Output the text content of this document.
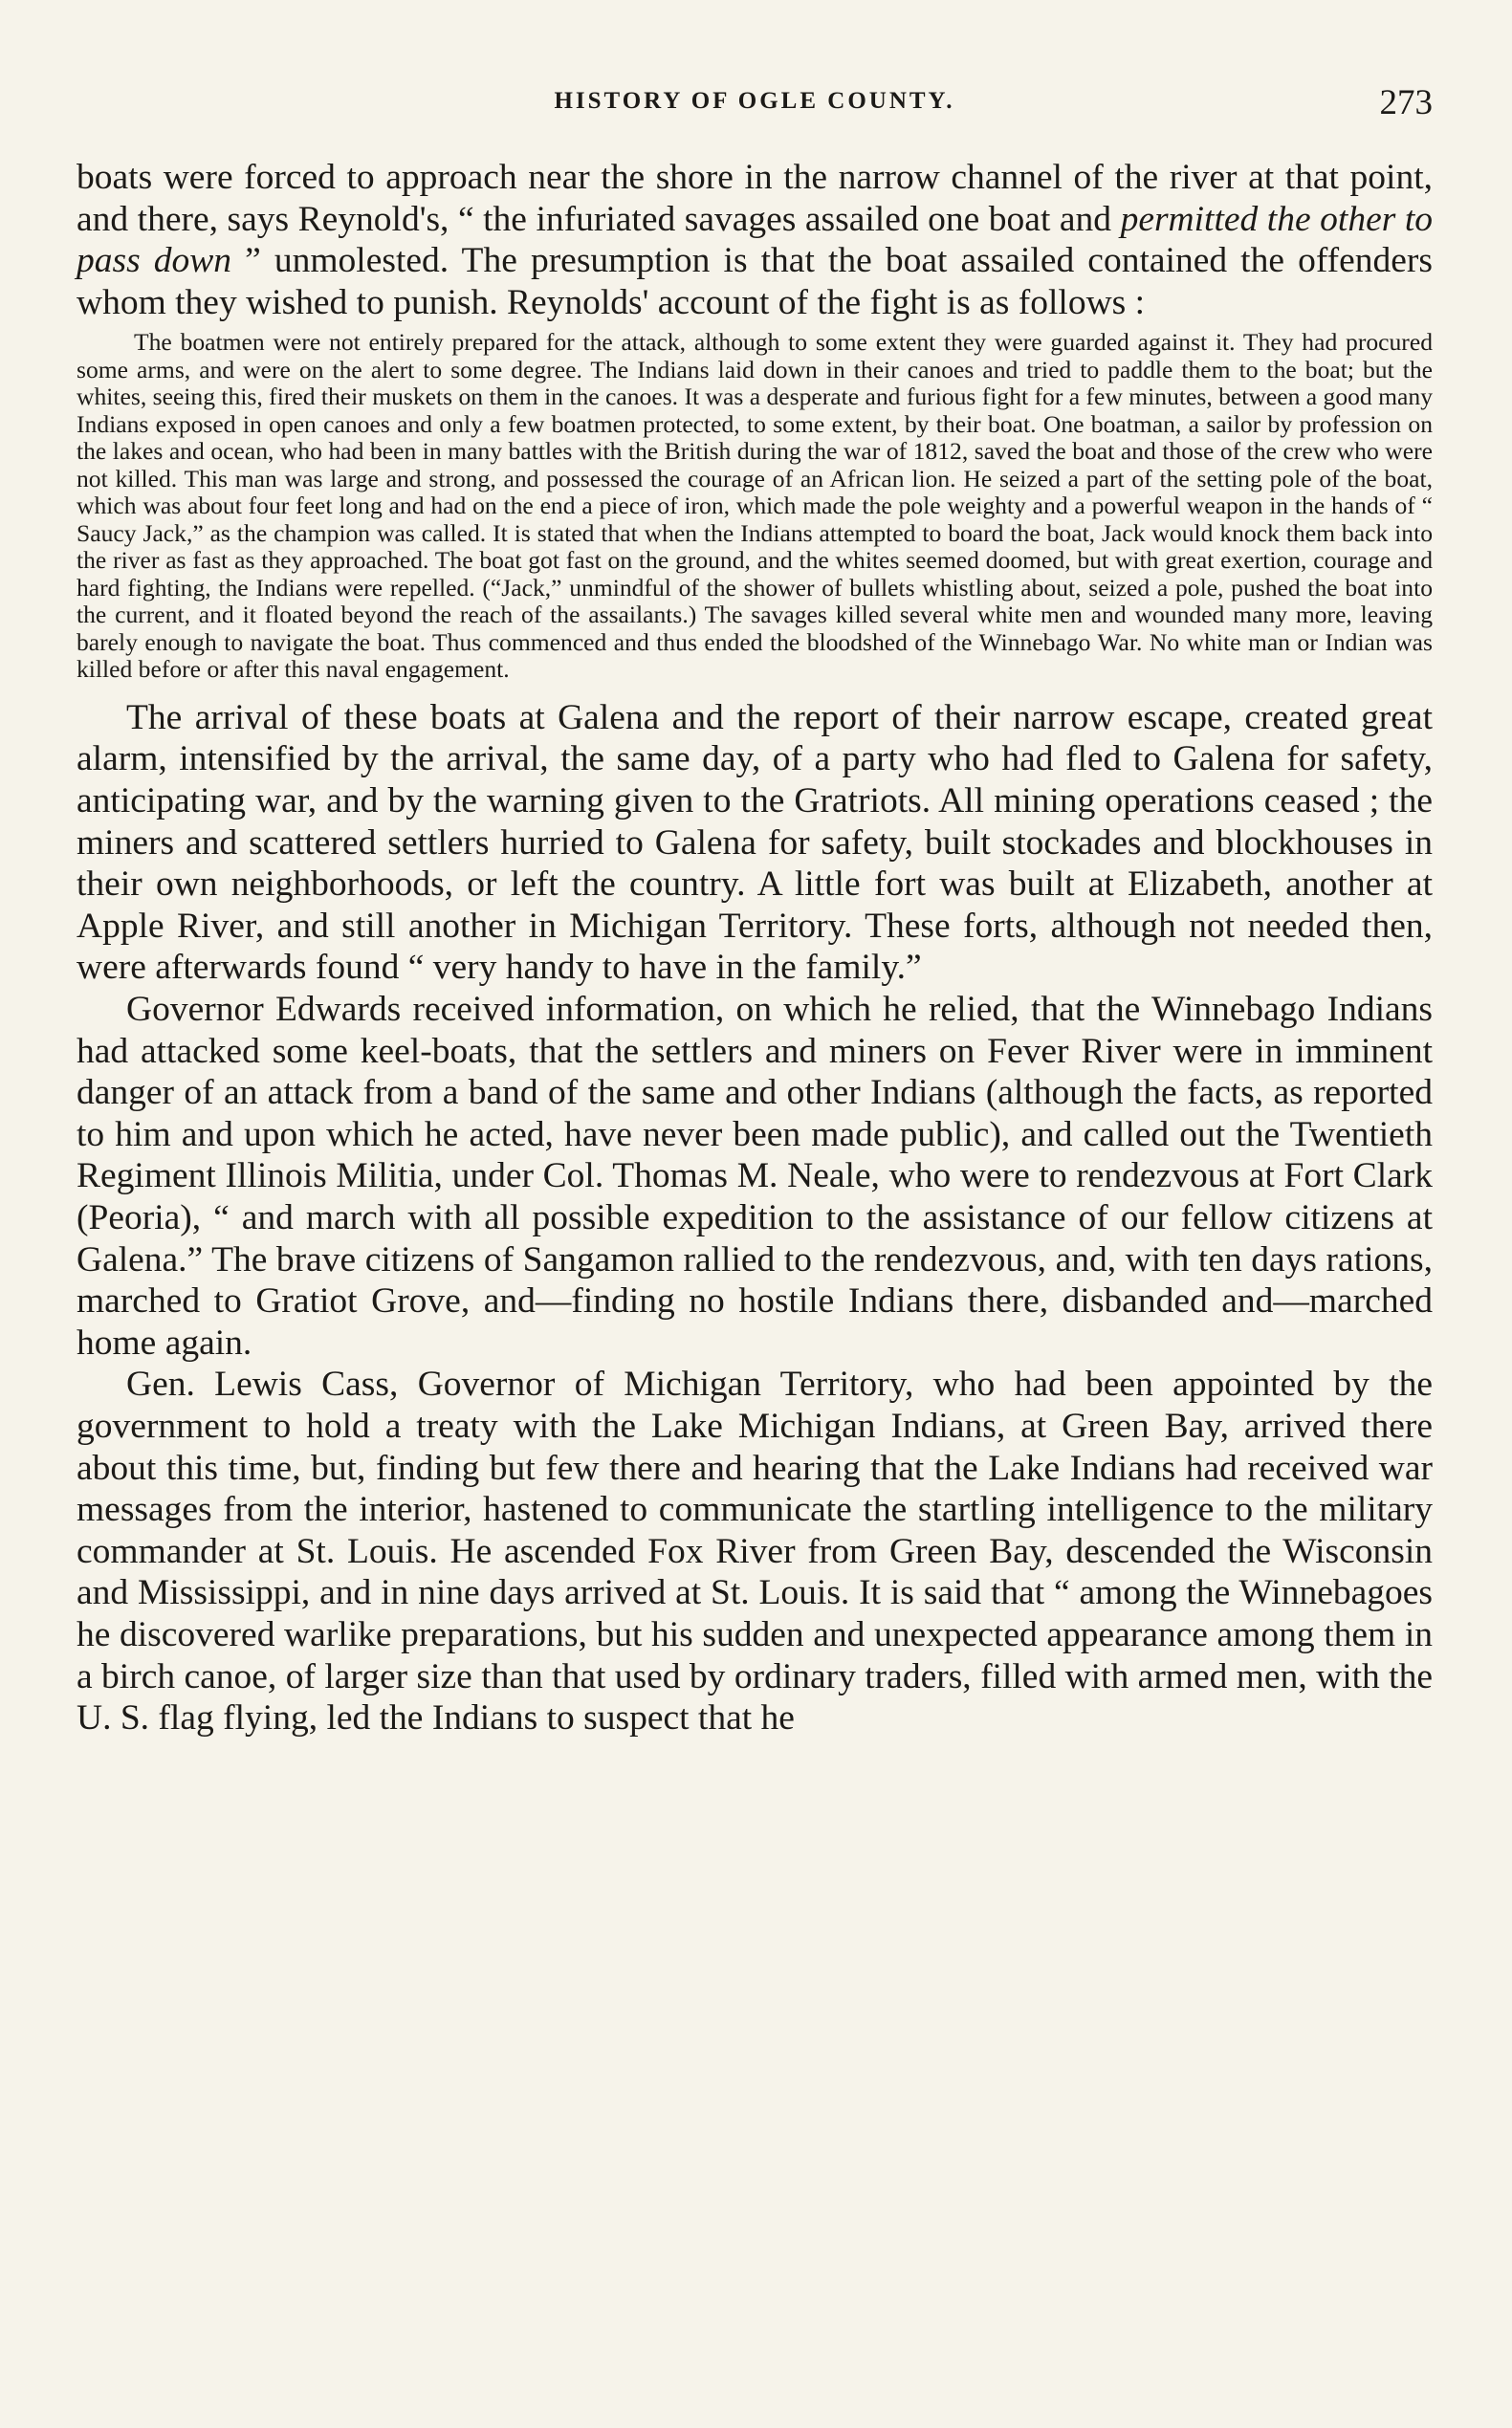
HISTORY OF OGLE COUNTY.	273

boats were forced to approach near the shore in the narrow channel of the river at that point, and there, says Reynold's, “ the infuriated savages assailed one boat and permitted the other to pass down ” unmolested. The presumption is that the boat assailed contained the offenders whom they wished to punish. Reynolds' account of the fight is as follows :

The boatmen were not entirely prepared for the attack, although to some extent they were guarded against it. They had procured some arms, and were on the alert to some degree. The Indians laid down in their canoes and tried to paddle them to the boat; but the whites, seeing this, fired their muskets on them in the canoes. It was a desperate and furious fight for a few minutes, between a good many Indians exposed in open canoes and only a few boatmen protected, to some extent, by their boat. One boatman, a sailor by profession on the lakes and ocean, who had been in many battles with the British during the war of 1812, saved the boat and those of the crew who were not killed. This man was large and strong, and possessed the courage of an African lion. He seized a part of the setting pole of the boat, which was about four feet long and had on the end a piece of iron, which made the pole weighty and a powerful weapon in the hands of “ Saucy Jack,” as the champion was called. It is stated that when the Indians attempted to board the boat, Jack would knock them back into the river as fast as they approached. The boat got fast on the ground, and the whites seemed doomed, but with great exertion, courage and hard fighting, the Indians were repelled. (“Jack,” unmindful of the shower of bullets whistling about, seized a pole, pushed the boat into the current, and it floated beyond the reach of the assailants.) The savages killed several white men and wounded many more, leaving barely enough to navigate the boat. Thus commenced and thus ended the bloodshed of the Winnebago War. No white man or Indian was killed before or after this naval engagement.

The arrival of these boats at Galena and the report of their narrow escape, created great alarm, intensified by the arrival, the same day, of a party who had fled to Galena for safety, anticipating war, and by the warning given to the Gratriots. All mining operations ceased ; the miners and scattered settlers hurried to Galena for safety, built stockades and blockhouses in their own neighborhoods, or left the country. A little fort was built at Elizabeth, another at Apple River, and still another in Michigan Territory. These forts, although not needed then, were afterwards found “ very handy to have in the family.”

Governor Edwards received information, on which he relied, that the Winnebago Indians had attacked some keel-boats, that the settlers and miners on Fever River were in imminent danger of an attack from a band of the same and other Indians (although the facts, as reported to him and upon which he acted, have never been made public), and called out the Twentieth Regiment Illinois Militia, under Col. Thomas M. Neale, who were to rendezvous at Fort Clark (Peoria), “ and march with all possible expedition to the assistance of our fellow citizens at Galena.” The brave citizens of Sangamon rallied to the rendezvous, and, with ten days rations, marched to Gratiot Grove, and—finding no hostile Indians there, disbanded and—marched home again.

Gen. Lewis Cass, Governor of Michigan Territory, who had been appointed by the government to hold a treaty with the Lake Michigan Indians, at Green Bay, arrived there about this time, but, finding but few there and hearing that the Lake Indians had received war messages from the interior, hastened to communicate the startling intelligence to the military commander at St. Louis. He ascended Fox River from Green Bay, descended the Wisconsin and Mississippi, and in nine days arrived at St. Louis. It is said that “ among the Winnebagoes he discovered warlike preparations, but his sudden and unexpected appearance among them in a birch canoe, of larger size than that used by ordinary traders, filled with armed men, with the U. S. flag flying, led the Indians to suspect that he
